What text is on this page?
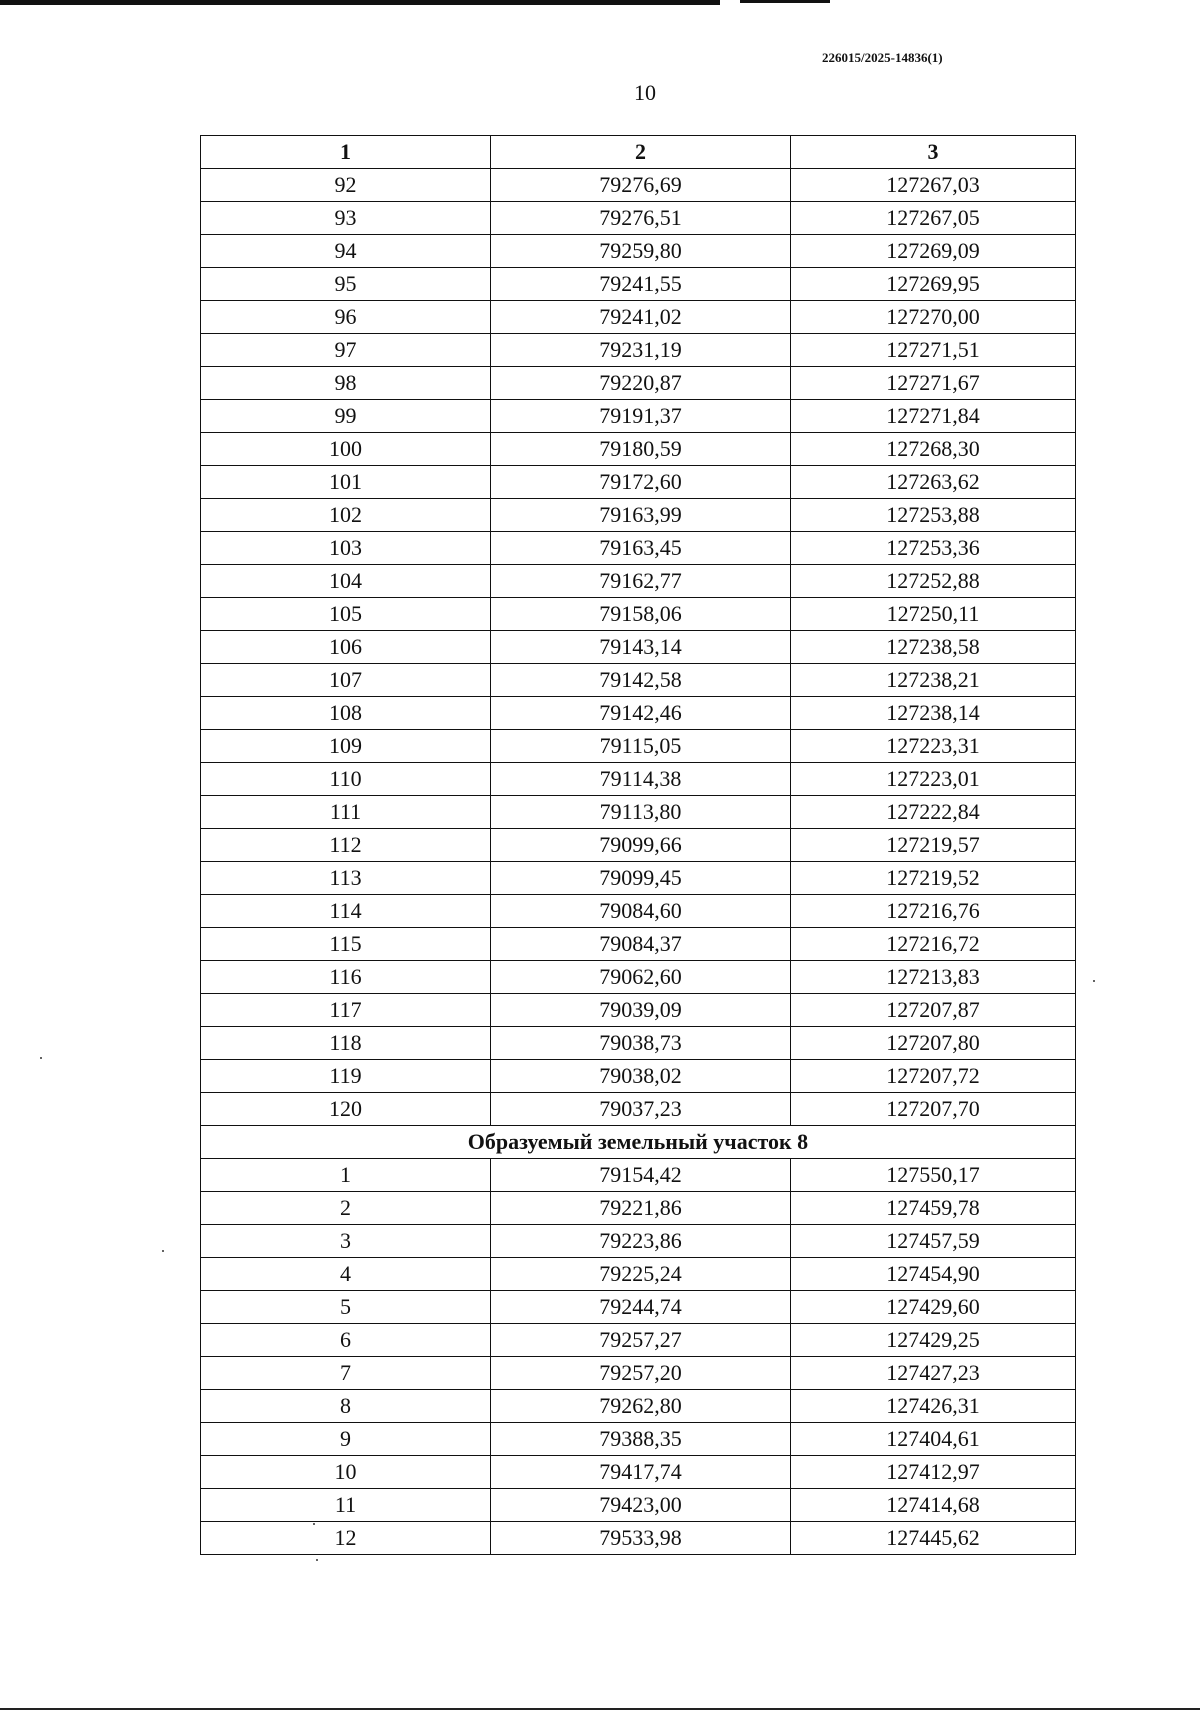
226015/2025-14836(1)
10
1	2	3
92	79276,69	127267,03
93	79276,51	127267,05
94	79259,80	127269,09
95	79241,55	127269,95
96	79241,02	127270,00
97	79231,19	127271,51
98	79220,87	127271,67
99	79191,37	127271,84
100	79180,59	127268,30
101	79172,60	127263,62
102	79163,99	127253,88
103	79163,45	127253,36
104	79162,77	127252,88
105	79158,06	127250,11
106	79143,14	127238,58
107	79142,58	127238,21
108	79142,46	127238,14
109	79115,05	127223,31
110	79114,38	127223,01
111	79113,80	127222,84
112	79099,66	127219,57
113	79099,45	127219,52
114	79084,60	127216,76
115	79084,37	127216,72
116	79062,60	127213,83
117	79039,09	127207,87
118	79038,73	127207,80
119	79038,02	127207,72
120	79037,23	127207,70
Образуемый земельный участок 8		
1	79154,42	127550,17
2	79221,86	127459,78
3	79223,86	127457,59
4	79225,24	127454,90
5	79244,74	127429,60
6	79257,27	127429,25
7	79257,20	127427,23
8	79262,80	127426,31
9	79388,35	127404,61
10	79417,74	127412,97
11	79423,00	127414,68
12	79533,98	127445,62
